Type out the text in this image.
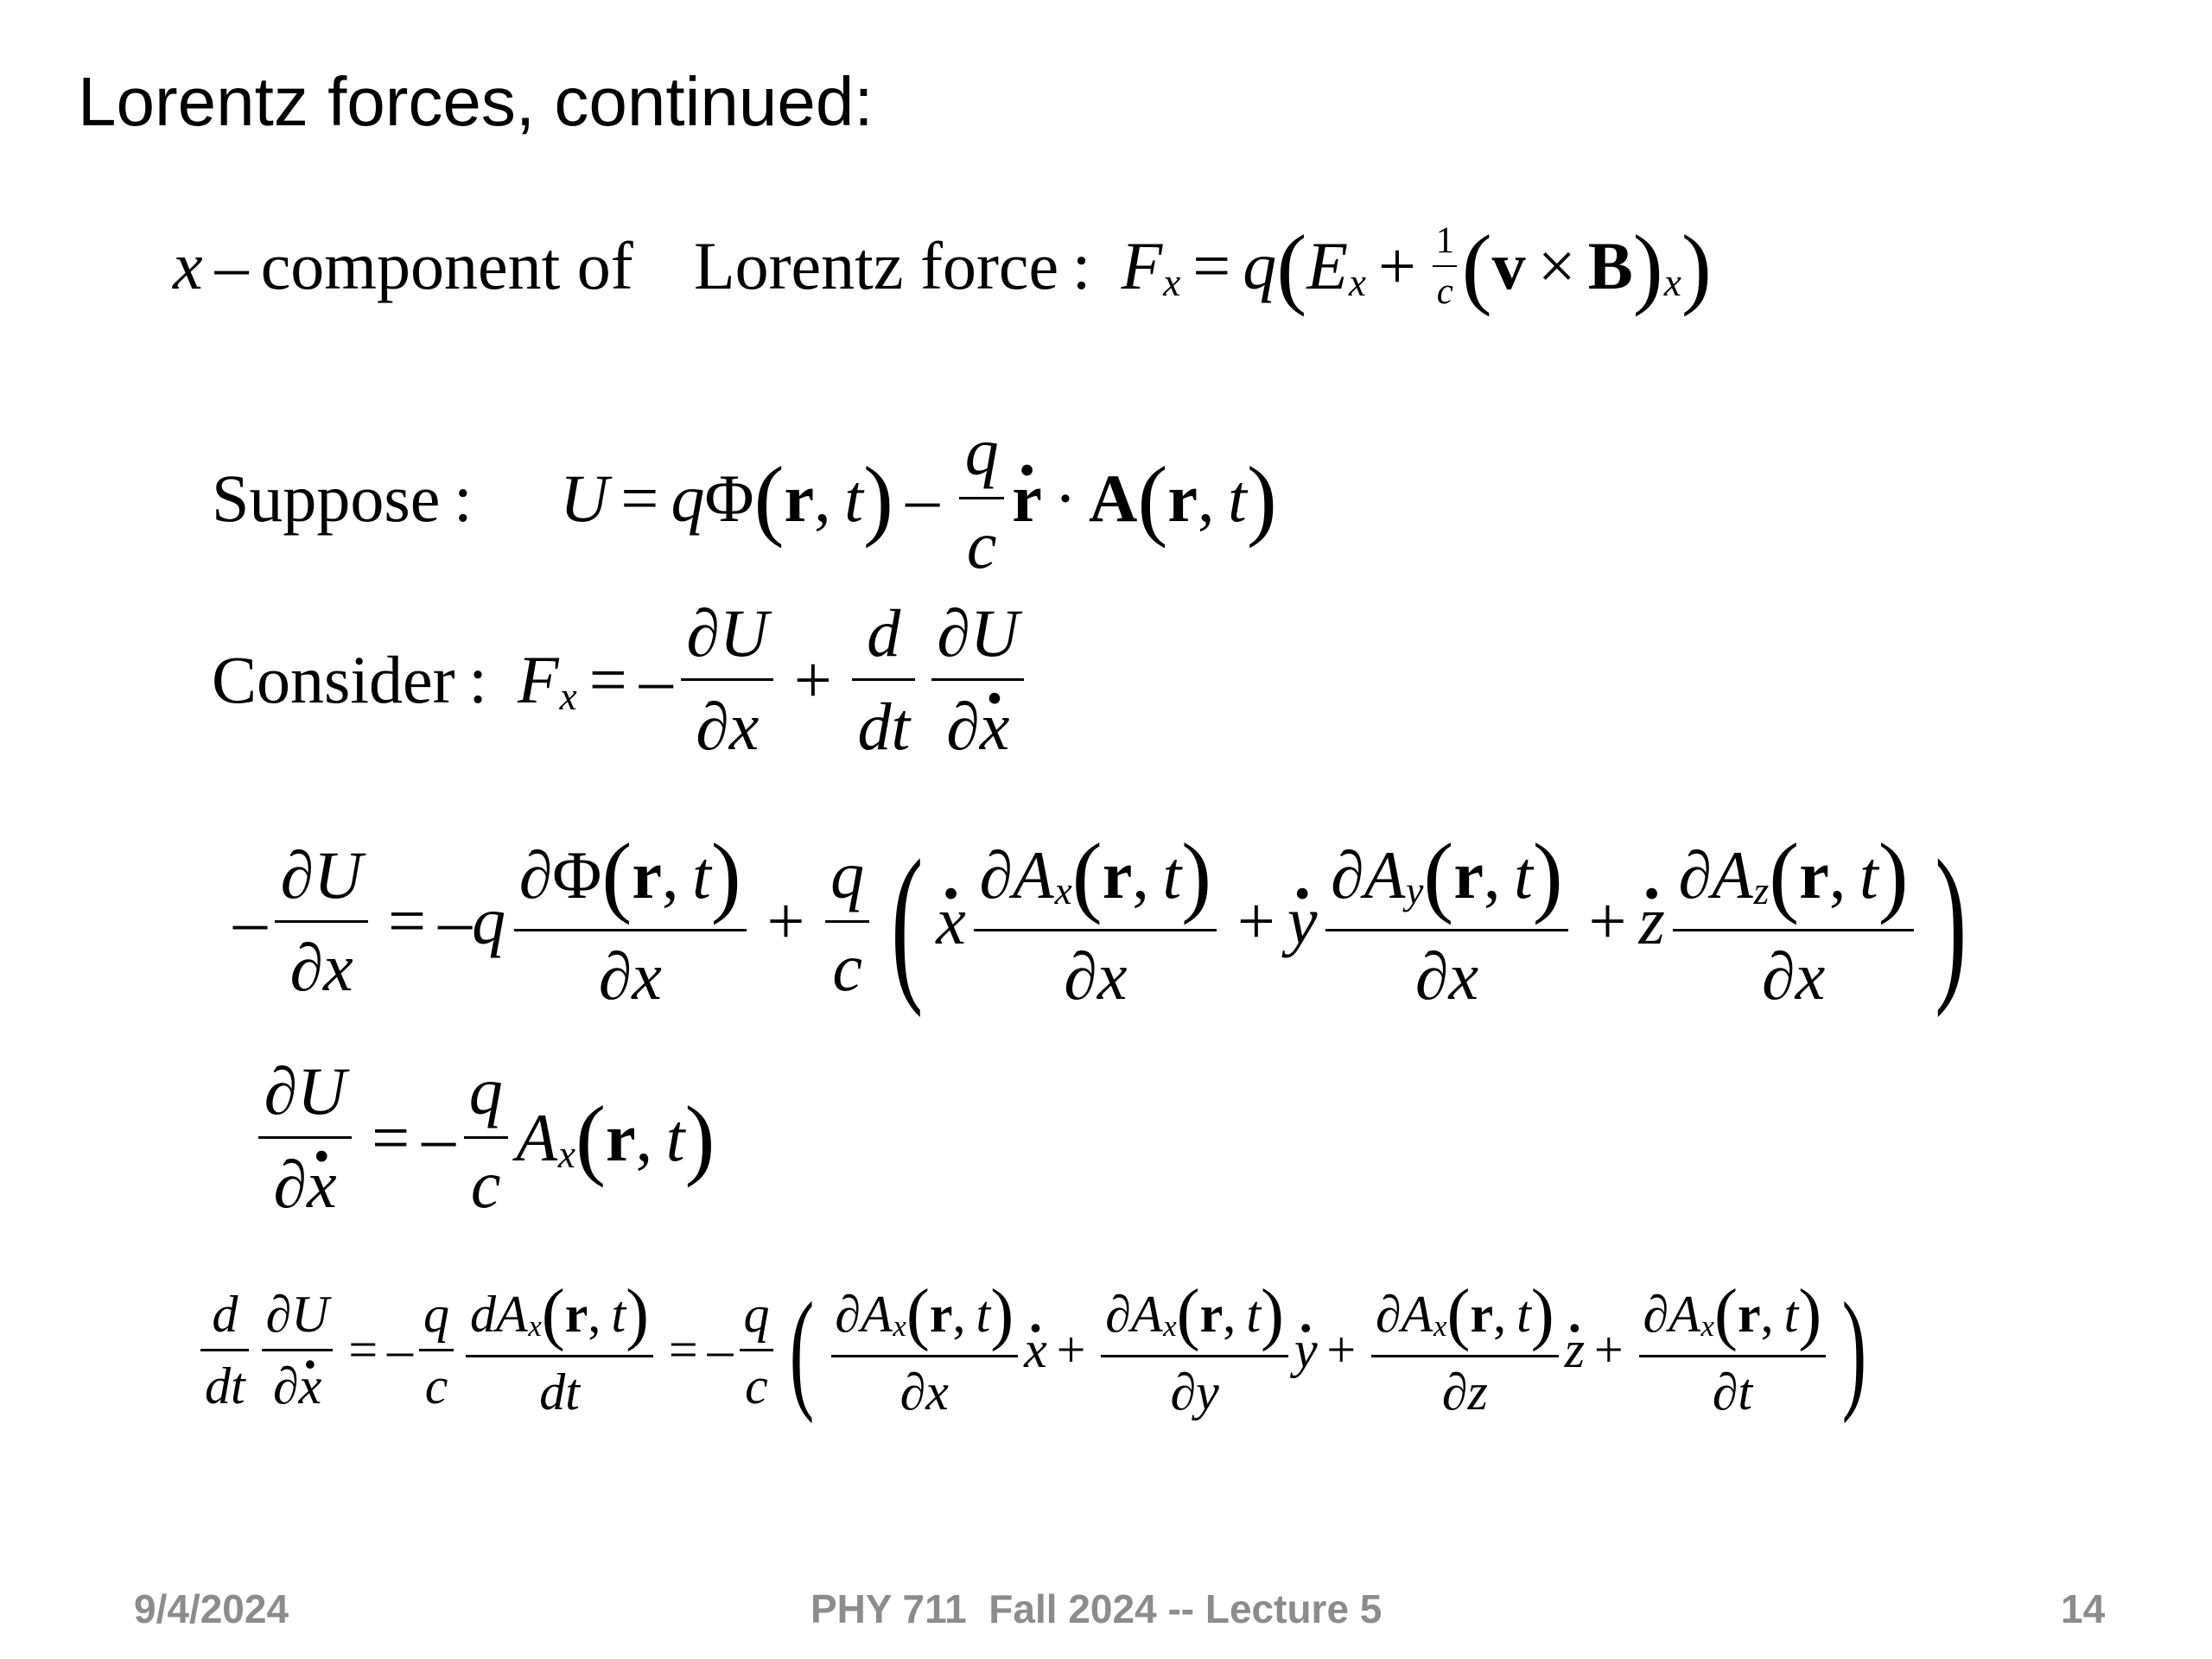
Lorentz forces, continued:
x – component of Lorentz force  : F x = q ( E $x + \frac{1}{c}$ ( v × B ) x )
Suppose  : U = q Φ ( r ,  t ) – $\frac{q}{c}$ r · · A ( r ,  t )
Consider  : F x = – $\frac{\partial U}{\partial x} + \frac{d}{dt} \frac{\partial U}{\partial x}$ ·
– $\frac{\partial U}{\partial x}$ = – q $\frac{\partial\Phi ( r , t )}{\partial x} + \frac{q}{c}$ ( $x \cdot \frac{\text{∂ A x ( r ,  t )}}{\partial x} + y \cdot \frac{\text{∂ A y ( r ,  t )}}{\partial x} + z \cdot \frac{\text{∂ A z ( r ,  t )}}{\partial x}$ )
$\frac{\partial U}{\partial x}$ · = – $\frac{q}{c}$ A x ( r ,  t )
$\frac{d}{dt} \frac{\partial U}{\partial x}$ · = – $\frac{q}{c} \frac{\text{dA x ( r ,  t )}}{dt}$ = – $\frac{q}{c}$ ( $\frac{\text{∂ A x ( r ,  t )}}{\partial x}$ x · + $\frac{\text{∂ A x ( r ,  t )}}{\partial y}$ y · + $\frac{\text{∂ A x ( r ,  t )}}{\partial z}$ z · + $\frac{\text{∂ A x ( r ,  t )}}{\partial t}$ )
9/4/2024	PHY 711  Fall 2024 -- Lecture 5	14
